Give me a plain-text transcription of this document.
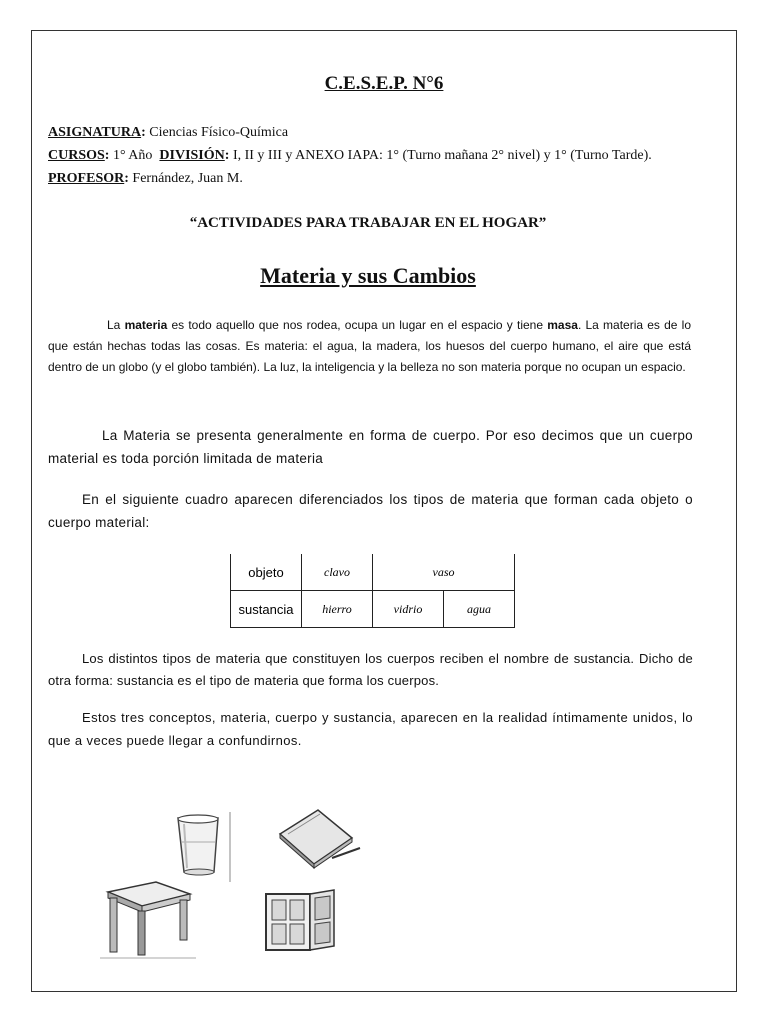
C.E.S.E.P. N°6
ASIGNATURA: Ciencias Físico-Química
CURSOS: 1° Año DIVISIÓN: I, II y III y ANEXO IAPA: 1° (Turno mañana 2° nivel) y 1° (Turno Tarde).
PROFESOR: Fernández, Juan M.
“ACTIVIDADES PARA TRABAJAR EN EL HOGAR”
Materia y sus Cambios
La materia es todo aquello que nos rodea, ocupa un lugar en el espacio y tiene masa. La materia es de lo que están hechas todas las cosas. Es materia: el agua, la madera, los huesos del cuerpo humano, el aire que está dentro de un globo (y el globo también). La luz, la inteligencia y la belleza no son materia porque no ocupan un espacio.
La Materia se presenta generalmente en forma de cuerpo. Por eso decimos que un cuerpo material es toda porción limitada de materia
En el siguiente cuadro aparecen diferenciados los tipos de materia que forman cada objeto o cuerpo material:
objeto	clavo	vaso	
sustancia	hierro	vidrio	agua
Los distintos tipos de materia que constituyen los cuerpos reciben el nombre de sustancia. Dicho de otra forma: sustancia es el tipo de materia que forma los cuerpos.
Estos tres conceptos, materia, cuerpo y sustancia, aparecen en la realidad íntimamente unidos, lo que a veces puede llegar a confundirnos.
